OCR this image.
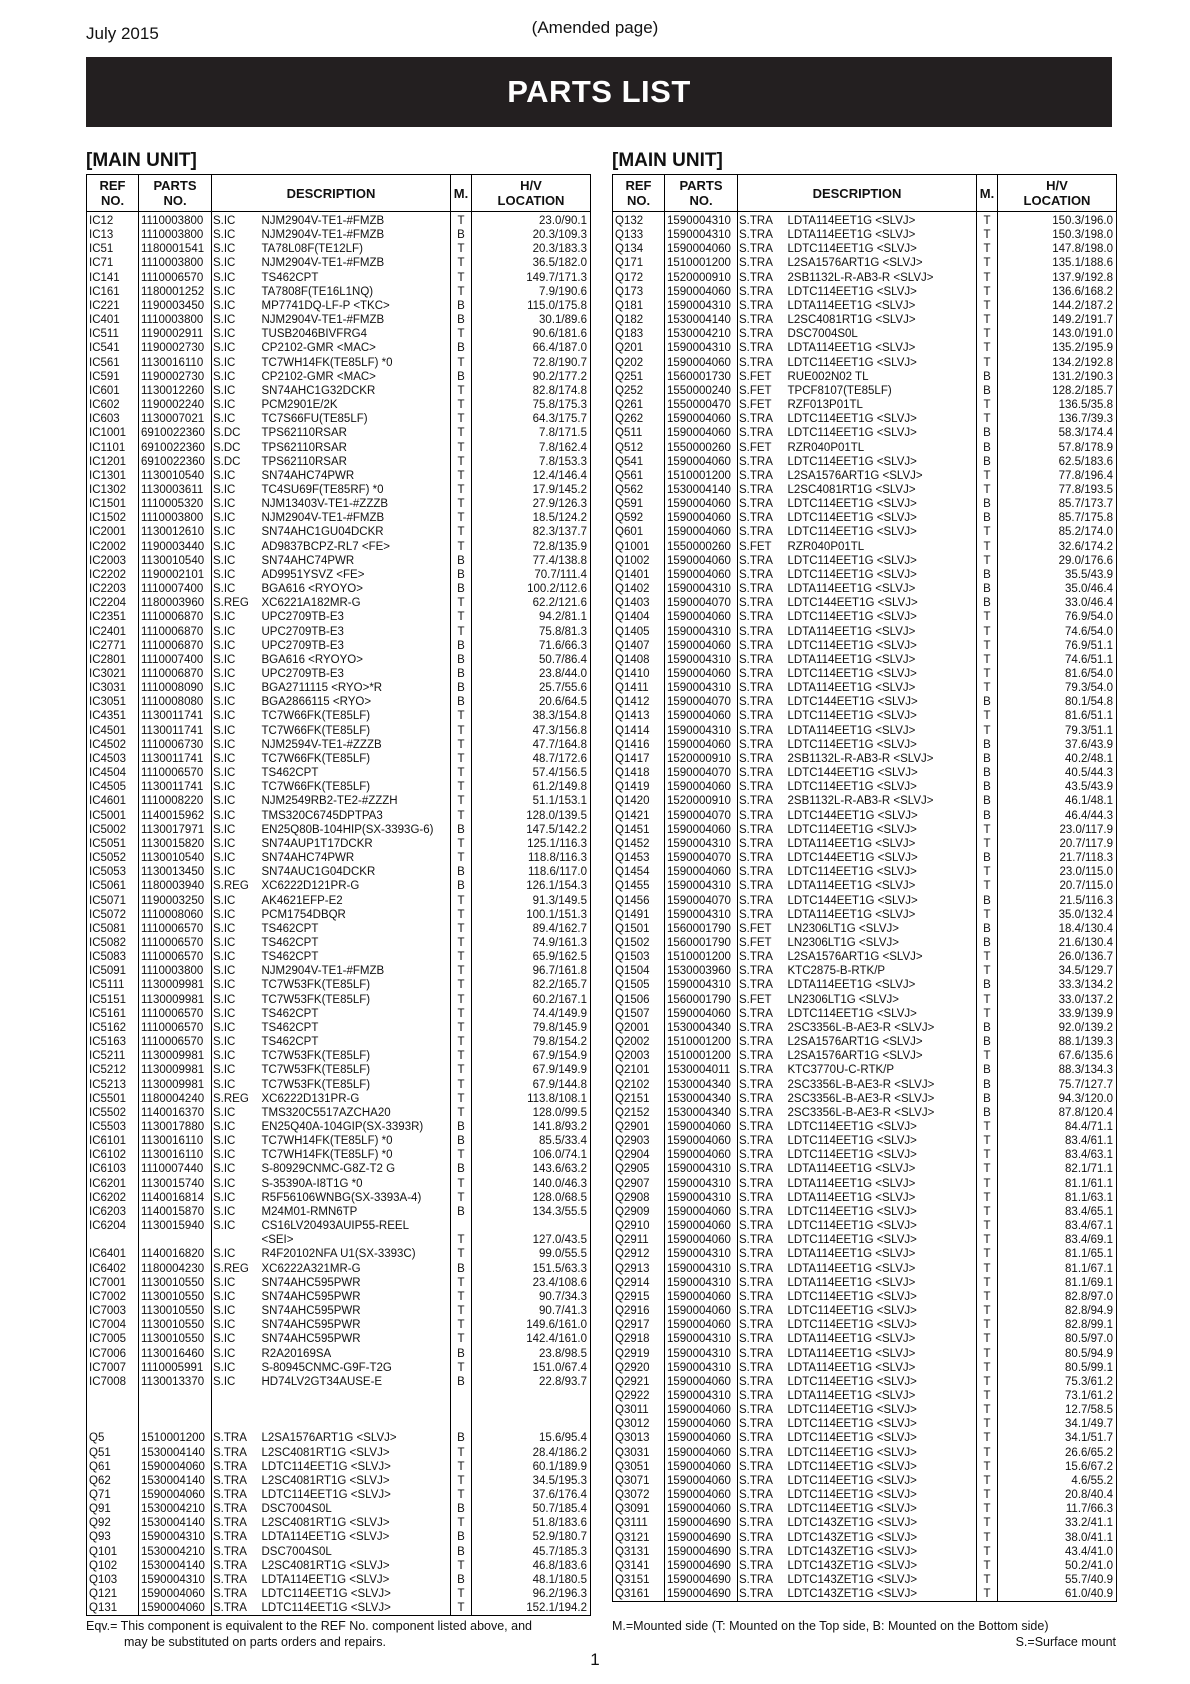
July 2015	(Amended page)
PARTS LIST
[MAIN UNIT]
REF
NO.	PARTS
NO.	DESCRIPTION		M.	H/V
LOCATION
IC12	1110003800	S.IC	NJM2904V-TE1-#FMZB	T	23.0/90.1
IC13	1110003800	S.IC	NJM2904V-TE1-#FMZB	B	20.3/109.3
IC51	1180001541	S.IC	TA78L08F(TE12LF)	T	20.3/183.3
IC71	1110003800	S.IC	NJM2904V-TE1-#FMZB	T	36.5/182.0
IC141	1110006570	S.IC	TS462CPT	T	149.7/171.3
IC161	1180001252	S.IC	TA7808F(TE16L1NQ)	T	7.9/190.6
IC221	1190003450	S.IC	MP7741DQ-LF-P <TKC>	B	115.0/175.8
IC401	1110003800	S.IC	NJM2904V-TE1-#FMZB	B	30.1/89.6
IC511	1190002911	S.IC	TUSB2046BIVFRG4	T	90.6/181.6
IC541	1190002730	S.IC	CP2102-GMR <MAC>	B	66.4/187.0
IC561	1130016110	S.IC	TC7WH14FK(TE85LF) *0	T	72.8/190.7
IC591	1190002730	S.IC	CP2102-GMR <MAC>	B	90.2/177.2
IC601	1130012260	S.IC	SN74AHC1G32DCKR	T	82.8/174.8
IC602	1190002240	S.IC	PCM2901E/2K	T	75.8/175.3
IC603	1130007021	S.IC	TC7S66FU(TE85LF)	T	64.3/175.7
IC1001	6910022360	S.DC	TPS62110RSAR	T	7.8/171.5
IC1101	6910022360	S.DC	TPS62110RSAR	T	7.8/162.4
IC1201	6910022360	S.DC	TPS62110RSAR	T	7.8/153.3
IC1301	1130010540	S.IC	SN74AHC74PWR	T	12.4/146.4
IC1302	1130003611	S.IC	TC4SU69F(TE85RF) *0	T	17.9/145.2
IC1501	1110005320	S.IC	NJM13403V-TE1-#ZZZB	T	27.9/126.3
IC1502	1110003800	S.IC	NJM2904V-TE1-#FMZB	T	18.5/124.2
IC2001	1130012610	S.IC	SN74AHC1GU04DCKR	T	82.3/137.7
IC2002	1190003440	S.IC	AD9837BCPZ-RL7 <FE>	T	72.8/135.9
IC2003	1130010540	S.IC	SN74AHC74PWR	B	77.4/138.8
IC2202	1190002101	S.IC	AD9951YSVZ <FE>	B	70.7/111.4
IC2203	1110007400	S.IC	BGA616 <RYOYO>	B	100.2/112.6
IC2204	1180003960	S.REG	XC6221A182MR-G	T	62.2/121.6
IC2351	1110006870	S.IC	UPC2709TB-E3	T	94.2/81.1
IC2401	1110006870	S.IC	UPC2709TB-E3	T	75.8/81.3
IC2771	1110006870	S.IC	UPC2709TB-E3	B	71.6/66.3
IC2801	1110007400	S.IC	BGA616 <RYOYO>	B	50.7/86.4
IC3021	1110006870	S.IC	UPC2709TB-E3	B	23.8/44.0
IC3031	1110008090	S.IC	BGA2711115 <RYO>*R	B	25.7/55.6
IC3051	1110008080	S.IC	BGA2866115 <RYO>	B	20.6/64.5
IC4351	1130011741	S.IC	TC7W66FK(TE85LF)	T	38.3/154.8
IC4501	1130011741	S.IC	TC7W66FK(TE85LF)	T	47.3/156.8
IC4502	1110006730	S.IC	NJM2594V-TE1-#ZZZB	T	47.7/164.8
IC4503	1130011741	S.IC	TC7W66FK(TE85LF)	T	48.7/172.6
IC4504	1110006570	S.IC	TS462CPT	T	57.4/156.5
IC4505	1130011741	S.IC	TC7W66FK(TE85LF)	T	61.2/149.8
IC4601	1110008220	S.IC	NJM2549RB2-TE2-#ZZZH	T	51.1/153.1
IC5001	1140015962	S.IC	TMS320C6745DPTPA3	T	128.0/139.5
IC5002	1130017971	S.IC	EN25Q80B-104HIP(SX-3393G-6)	B	147.5/142.2
IC5051	1130015820	S.IC	SN74AUP1T17DCKR	T	125.1/116.3
IC5052	1130010540	S.IC	SN74AHC74PWR	T	118.8/116.3
IC5053	1130013450	S.IC	SN74AUC1G04DCKR	B	118.6/117.0
IC5061	1180003940	S.REG	XC6222D121PR-G	B	126.1/154.3
IC5071	1190003250	S.IC	AK4621EFP-E2	T	91.3/149.5
IC5072	1110008060	S.IC	PCM1754DBQR	T	100.1/151.3
IC5081	1110006570	S.IC	TS462CPT	T	89.4/162.7
IC5082	1110006570	S.IC	TS462CPT	T	74.9/161.3
IC5083	1110006570	S.IC	TS462CPT	T	65.9/162.5
IC5091	1110003800	S.IC	NJM2904V-TE1-#FMZB	T	96.7/161.8
IC5111	1130009981	S.IC	TC7W53FK(TE85LF)	T	82.2/165.7
IC5151	1130009981	S.IC	TC7W53FK(TE85LF)	T	60.2/167.1
IC5161	1110006570	S.IC	TS462CPT	T	74.4/149.9
IC5162	1110006570	S.IC	TS462CPT	T	79.8/145.9
IC5163	1110006570	S.IC	TS462CPT	T	79.8/154.2
IC5211	1130009981	S.IC	TC7W53FK(TE85LF)	T	67.9/154.9
IC5212	1130009981	S.IC	TC7W53FK(TE85LF)	T	67.9/149.9
IC5213	1130009981	S.IC	TC7W53FK(TE85LF)	T	67.9/144.8
IC5501	1180004240	S.REG	XC6222D131PR-G	T	113.8/108.1
IC5502	1140016370	S.IC	TMS320C5517AZCHA20	T	128.0/99.5
IC5503	1130017880	S.IC	EN25Q40A-104GIP(SX-3393R)	B	141.8/93.2
IC6101	1130016110	S.IC	TC7WH14FK(TE85LF) *0	B	85.5/33.4
IC6102	1130016110	S.IC	TC7WH14FK(TE85LF) *0	T	106.0/74.1
IC6103	1110007440	S.IC	S-80929CNMC-G8Z-T2 G	B	143.6/63.2
IC6201	1130015740	S.IC	S-35390A-I8T1G *0	T	140.0/46.3
IC6202	1140016814	S.IC	R5F56106WNBG(SX-3393A-4)	T	128.0/68.5
IC6203	1140015870	S.IC	M24M01-RMN6TP	B	134.3/55.5
IC6204	1130015940	S.IC	CS16LV20493AUIP55-REEL		
			<SEI>	T	127.0/43.5
IC6401	1140016820	S.IC	R4F20102NFA U1(SX-3393C)	T	99.0/55.5
IC6402	1180004230	S.REG	XC6222A321MR-G	B	151.5/63.3
IC7001	1130010550	S.IC	SN74AHC595PWR	T	23.4/108.6
IC7002	1130010550	S.IC	SN74AHC595PWR	T	90.7/34.3
IC7003	1130010550	S.IC	SN74AHC595PWR	T	90.7/41.3
IC7004	1130010550	S.IC	SN74AHC595PWR	T	149.6/161.0
IC7005	1130010550	S.IC	SN74AHC595PWR	T	142.4/161.0
IC7006	1130016460	S.IC	R2A20169SA	B	23.8/98.5
IC7007	1110005991	S.IC	S-80945CNMC-G9F-T2G	T	151.0/67.4
IC7008	1130013370	S.IC	HD74LV2GT34AUSE-E	B	22.8/93.7

Q5	1510001200	S.TRA	L2SA1576ART1G <SLVJ>	B	15.6/95.4
Q51	1530004140	S.TRA	L2SC4081RT1G <SLVJ>	T	28.4/186.2
Q61	1590004060	S.TRA	LDTC114EET1G <SLVJ>	T	60.1/189.9
Q62	1530004140	S.TRA	L2SC4081RT1G <SLVJ>	T	34.5/195.3
Q71	1590004060	S.TRA	LDTC114EET1G <SLVJ>	T	37.6/176.4
Q91	1530004210	S.TRA	DSC7004S0L	B	50.7/185.4
Q92	1530004140	S.TRA	L2SC4081RT1G <SLVJ>	T	51.8/183.6
Q93	1590004310	S.TRA	LDTA114EET1G <SLVJ>	B	52.9/180.7
Q101	1530004210	S.TRA	DSC7004S0L	B	45.7/185.3
Q102	1530004140	S.TRA	L2SC4081RT1G <SLVJ>	T	46.8/183.6
Q103	1590004310	S.TRA	LDTA114EET1G <SLVJ>	B	48.1/180.5
Q121	1590004060	S.TRA	LDTC114EET1G <SLVJ>	T	96.2/196.3
Q131	1590004060	S.TRA	LDTC114EET1G <SLVJ>	T	152.1/194.2
[MAIN UNIT]
REF
NO.	PARTS
NO.	DESCRIPTION		M.	H/V
LOCATION
Q132	1590004310	S.TRA	LDTA114EET1G <SLVJ>	T	150.3/196.0
Q133	1590004310	S.TRA	LDTA114EET1G <SLVJ>	T	150.3/198.0
Q134	1590004060	S.TRA	LDTC114EET1G <SLVJ>	T	147.8/198.0
Q171	1510001200	S.TRA	L2SA1576ART1G <SLVJ>	T	135.1/188.6
Q172	1520000910	S.TRA	2SB1132L-R-AB3-R <SLVJ>	T	137.9/192.8
Q173	1590004060	S.TRA	LDTC114EET1G <SLVJ>	T	136.6/168.2
Q181	1590004310	S.TRA	LDTA114EET1G <SLVJ>	T	144.2/187.2
Q182	1530004140	S.TRA	L2SC4081RT1G <SLVJ>	T	149.2/191.7
Q183	1530004210	S.TRA	DSC7004S0L	T	143.0/191.0
Q201	1590004310	S.TRA	LDTA114EET1G <SLVJ>	T	135.2/195.9
Q202	1590004060	S.TRA	LDTC114EET1G <SLVJ>	T	134.2/192.8
Q251	1560001730	S.FET	RUE002N02 TL	B	131.2/190.3
Q252	1550000240	S.FET	TPCF8107(TE85LF)	B	128.2/185.7
Q261	1550000470	S.FET	RZF013P01TL	T	136.5/35.8
Q262	1590004060	S.TRA	LDTC114EET1G <SLVJ>	T	136.7/39.3
Q511	1590004060	S.TRA	LDTC114EET1G <SLVJ>	B	58.3/174.4
Q512	1550000260	S.FET	RZR040P01TL	B	57.8/178.9
Q541	1590004060	S.TRA	LDTC114EET1G <SLVJ>	B	62.5/183.6
Q561	1510001200	S.TRA	L2SA1576ART1G <SLVJ>	T	77.8/196.4
Q562	1530004140	S.TRA	L2SC4081RT1G <SLVJ>	T	77.8/193.5
Q591	1590004060	S.TRA	LDTC114EET1G <SLVJ>	B	85.7/173.7
Q592	1590004060	S.TRA	LDTC114EET1G <SLVJ>	B	85.7/175.8
Q601	1590004060	S.TRA	LDTC114EET1G <SLVJ>	T	85.2/174.0
Q1001	1550000260	S.FET	RZR040P01TL	T	32.6/174.2
Q1002	1590004060	S.TRA	LDTC114EET1G <SLVJ>	T	29.0/176.6
Q1401	1590004060	S.TRA	LDTC114EET1G <SLVJ>	B	35.5/43.9
Q1402	1590004310	S.TRA	LDTA114EET1G <SLVJ>	B	35.0/46.4
Q1403	1590004070	S.TRA	LDTC144EET1G <SLVJ>	B	33.0/46.4
Q1404	1590004060	S.TRA	LDTC114EET1G <SLVJ>	T	76.9/54.0
Q1405	1590004310	S.TRA	LDTA114EET1G <SLVJ>	T	74.6/54.0
Q1407	1590004060	S.TRA	LDTC114EET1G <SLVJ>	T	76.9/51.1
Q1408	1590004310	S.TRA	LDTA114EET1G <SLVJ>	T	74.6/51.1
Q1410	1590004060	S.TRA	LDTC114EET1G <SLVJ>	T	81.6/54.0
Q1411	1590004310	S.TRA	LDTA114EET1G <SLVJ>	T	79.3/54.0
Q1412	1590004070	S.TRA	LDTC144EET1G <SLVJ>	B	80.1/54.8
Q1413	1590004060	S.TRA	LDTC114EET1G <SLVJ>	T	81.6/51.1
Q1414	1590004310	S.TRA	LDTA114EET1G <SLVJ>	T	79.3/51.1
Q1416	1590004060	S.TRA	LDTC114EET1G <SLVJ>	B	37.6/43.9
Q1417	1520000910	S.TRA	2SB1132L-R-AB3-R <SLVJ>	B	40.2/48.1
Q1418	1590004070	S.TRA	LDTC144EET1G <SLVJ>	B	40.5/44.3
Q1419	1590004060	S.TRA	LDTC114EET1G <SLVJ>	B	43.5/43.9
Q1420	1520000910	S.TRA	2SB1132L-R-AB3-R <SLVJ>	B	46.1/48.1
Q1421	1590004070	S.TRA	LDTC144EET1G <SLVJ>	B	46.4/44.3
Q1451	1590004060	S.TRA	LDTC114EET1G <SLVJ>	T	23.0/117.9
Q1452	1590004310	S.TRA	LDTA114EET1G <SLVJ>	T	20.7/117.9
Q1453	1590004070	S.TRA	LDTC144EET1G <SLVJ>	B	21.7/118.3
Q1454	1590004060	S.TRA	LDTC114EET1G <SLVJ>	T	23.0/115.0
Q1455	1590004310	S.TRA	LDTA114EET1G <SLVJ>	T	20.7/115.0
Q1456	1590004070	S.TRA	LDTC144EET1G <SLVJ>	B	21.5/116.3
Q1491	1590004310	S.TRA	LDTA114EET1G <SLVJ>	T	35.0/132.4
Q1501	1560001790	S.FET	LN2306LT1G <SLVJ>	B	18.4/130.4
Q1502	1560001790	S.FET	LN2306LT1G <SLVJ>	B	21.6/130.4
Q1503	1510001200	S.TRA	L2SA1576ART1G <SLVJ>	T	26.0/136.7
Q1504	1530003960	S.TRA	KTC2875-B-RTK/P	T	34.5/129.7
Q1505	1590004310	S.TRA	LDTA114EET1G <SLVJ>	B	33.3/134.2
Q1506	1560001790	S.FET	LN2306LT1G <SLVJ>	T	33.0/137.2
Q1507	1590004060	S.TRA	LDTC114EET1G <SLVJ>	T	33.9/139.9
Q2001	1530004340	S.TRA	2SC3356L-B-AE3-R <SLVJ>	B	92.0/139.2
Q2002	1510001200	S.TRA	L2SA1576ART1G <SLVJ>	B	88.1/139.3
Q2003	1510001200	S.TRA	L2SA1576ART1G <SLVJ>	T	67.6/135.6
Q2101	1530004011	S.TRA	KTC3770U-C-RTK/P	B	88.3/134.3
Q2102	1530004340	S.TRA	2SC3356L-B-AE3-R <SLVJ>	B	75.7/127.7
Q2151	1530004340	S.TRA	2SC3356L-B-AE3-R <SLVJ>	B	94.3/120.0
Q2152	1530004340	S.TRA	2SC3356L-B-AE3-R <SLVJ>	B	87.8/120.4
Q2901	1590004060	S.TRA	LDTC114EET1G <SLVJ>	T	84.4/71.1
Q2903	1590004060	S.TRA	LDTC114EET1G <SLVJ>	T	83.4/61.1
Q2904	1590004060	S.TRA	LDTC114EET1G <SLVJ>	T	83.4/63.1
Q2905	1590004310	S.TRA	LDTA114EET1G <SLVJ>	T	82.1/71.1
Q2907	1590004310	S.TRA	LDTA114EET1G <SLVJ>	T	81.1/61.1
Q2908	1590004310	S.TRA	LDTA114EET1G <SLVJ>	T	81.1/63.1
Q2909	1590004060	S.TRA	LDTC114EET1G <SLVJ>	T	83.4/65.1
Q2910	1590004060	S.TRA	LDTC114EET1G <SLVJ>	T	83.4/67.1
Q2911	1590004060	S.TRA	LDTC114EET1G <SLVJ>	T	83.4/69.1
Q2912	1590004310	S.TRA	LDTA114EET1G <SLVJ>	T	81.1/65.1
Q2913	1590004310	S.TRA	LDTA114EET1G <SLVJ>	T	81.1/67.1
Q2914	1590004310	S.TRA	LDTA114EET1G <SLVJ>	T	81.1/69.1
Q2915	1590004060	S.TRA	LDTC114EET1G <SLVJ>	T	82.8/97.0
Q2916	1590004060	S.TRA	LDTC114EET1G <SLVJ>	T	82.8/94.9
Q2917	1590004060	S.TRA	LDTC114EET1G <SLVJ>	T	82.8/99.1
Q2918	1590004310	S.TRA	LDTA114EET1G <SLVJ>	T	80.5/97.0
Q2919	1590004310	S.TRA	LDTA114EET1G <SLVJ>	T	80.5/94.9
Q2920	1590004310	S.TRA	LDTA114EET1G <SLVJ>	T	80.5/99.1
Q2921	1590004060	S.TRA	LDTC114EET1G <SLVJ>	T	75.3/61.2
Q2922	1590004310	S.TRA	LDTA114EET1G <SLVJ>	T	73.1/61.2
Q3011	1590004060	S.TRA	LDTC114EET1G <SLVJ>	T	12.7/58.5
Q3012	1590004060	S.TRA	LDTC114EET1G <SLVJ>	T	34.1/49.7
Q3013	1590004060	S.TRA	LDTC114EET1G <SLVJ>	T	34.1/51.7
Q3031	1590004060	S.TRA	LDTC114EET1G <SLVJ>	T	26.6/65.2
Q3051	1590004060	S.TRA	LDTC114EET1G <SLVJ>	T	15.6/67.2
Q3071	1590004060	S.TRA	LDTC114EET1G <SLVJ>	T	4.6/55.2
Q3072	1590004060	S.TRA	LDTC114EET1G <SLVJ>	T	20.8/40.4
Q3091	1590004060	S.TRA	LDTC114EET1G <SLVJ>	T	11.7/66.3
Q3111	1590004690	S.TRA	LDTC143ZET1G <SLVJ>	T	33.2/41.1
Q3121	1590004690	S.TRA	LDTC143ZET1G <SLVJ>	T	38.0/41.1
Q3131	1590004690	S.TRA	LDTC143ZET1G <SLVJ>	T	43.4/41.0
Q3141	1590004690	S.TRA	LDTC143ZET1G <SLVJ>	T	50.2/41.0
Q3151	1590004690	S.TRA	LDTC143ZET1G <SLVJ>	T	55.7/40.9
Q3161	1590004690	S.TRA	LDTC143ZET1G <SLVJ>	T	61.0/40.9
Eqv.= This component is equivalent to the REF No. component listed above, and
may be substituted on parts orders and repairs.
M.=Mounted side (T: Mounted on the Top side, B: Mounted on the Bottom side)
S.=Surface mount
1
